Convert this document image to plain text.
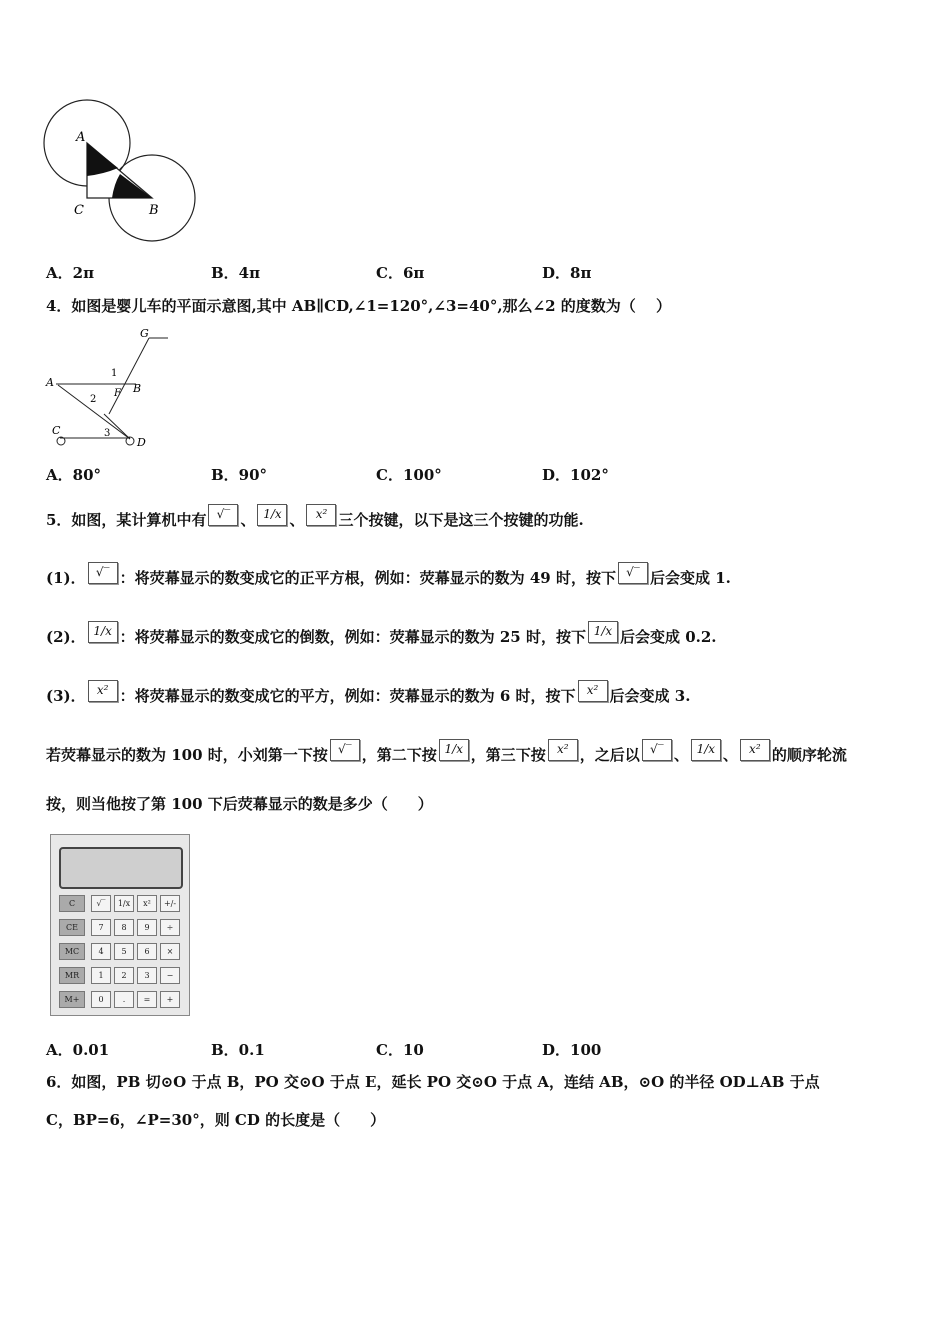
A
C	B
A．2π	B．4π	C．6π	D．8π
4．如图是婴儿车的平面示意图,其中 AB∥CD,∠1=120°,∠3=40°,那么∠2 的度数为（　 ）
G
A	B
F
C
D
1
2
3
A．80°	B．90°	C．100°	D．102°
5．如图，某计算机中有 √‾ 、 1/x 、 x² 三个按键，以下是这三个按键的功能.
(1)． √‾ ：将荧幕显示的数变成它的正平方根，例如：荧幕显示的数为 49 时，按下 √‾ 后会变成 1.
(2)． 1/x ：将荧幕显示的数变成它的倒数，例如：荧幕显示的数为 25 时，按下 1/x 后会变成 0.2.
(3)． x² ：将荧幕显示的数变成它的平方，例如：荧幕显示的数为 6 时，按下 x² 后会变成 3.
若荧幕显示的数为 100 时，小刘第一下按 √‾ ，第二下按 1/x ，第三下按 x² ，之后以 √‾ 、 1/x 、 x² 的顺序轮流
按，则当他按了第 100 下后荧幕显示的数是多少（　　）
C	√‾	1/x	x²	+/-
CE	7	8	9	÷
MC	4	5	6	×
MR	1	2	3	−
M+	0	.	=	+
A．0.01	B．0.1	C．10	D．100
6．如图，PB 切⊙O 于点 B，PO 交⊙O 于点 E，延长 PO 交⊙O 于点 A，连结 AB，⊙O 的半径 OD⊥AB 于点
C，BP=6，∠P=30°，则 CD 的长度是（　　）
